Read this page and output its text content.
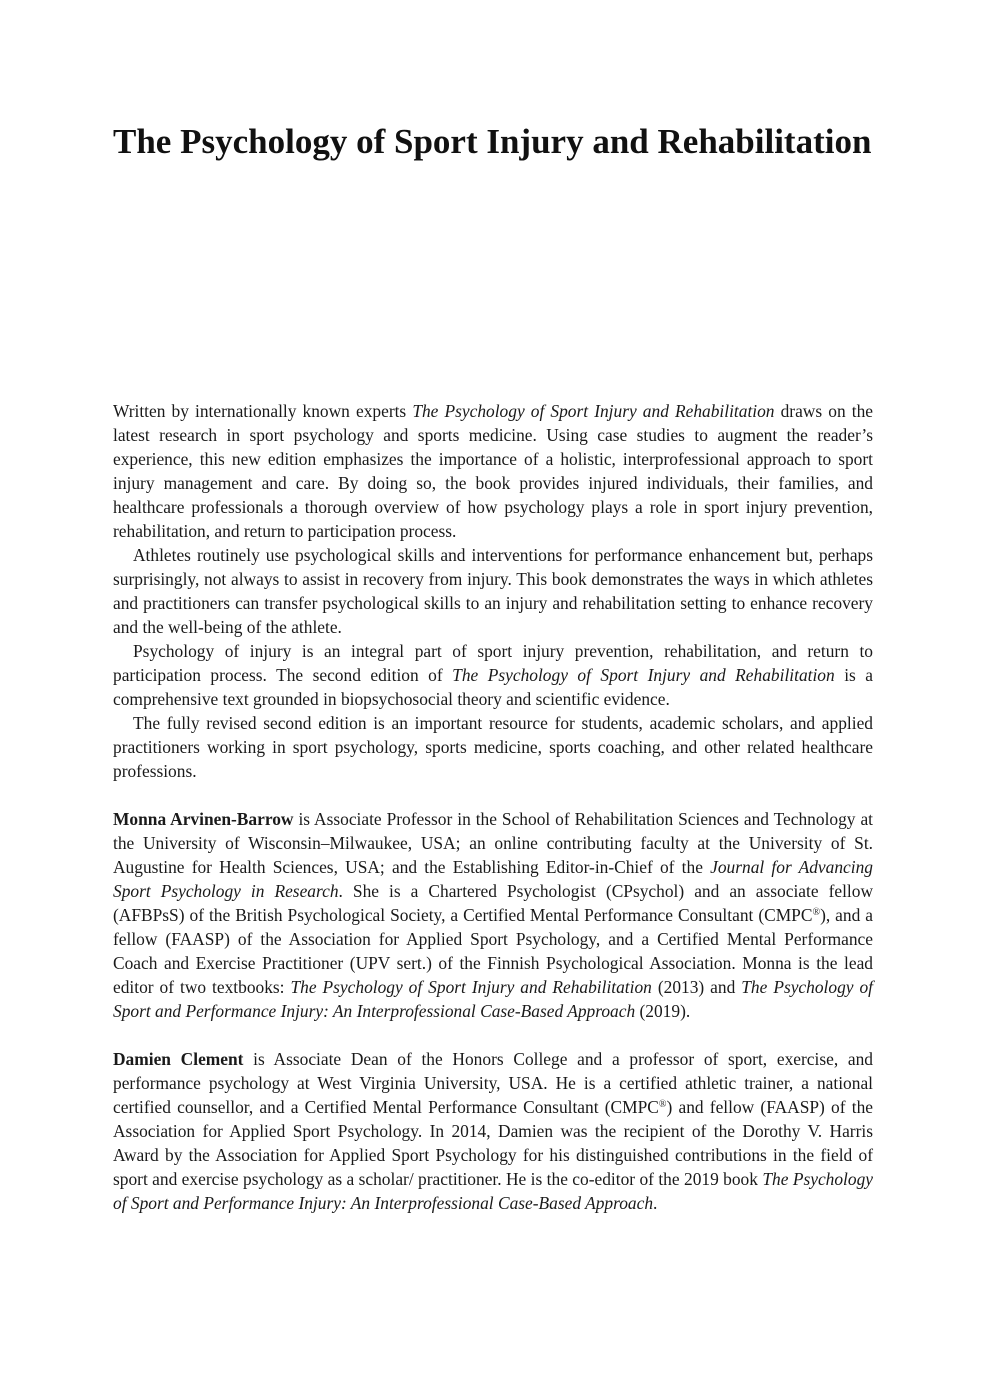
The Psychology of Sport Injury and Rehabilitation

Written by internationally known experts The Psychology of Sport Injury and Rehabilitation draws on the latest research in sport psychology and sports medicine. Using case studies to augment the reader’s experience, this new edition emphasizes the importance of a holistic, interprofessional approach to sport injury management and care. By doing so, the book provides injured individuals, their families, and healthcare professionals a thorough overview of how psychology plays a role in sport injury prevention, rehabilitation, and return to participation process.

Athletes routinely use psychological skills and interventions for performance enhancement but, perhaps surprisingly, not always to assist in recovery from injury. This book demonstrates the ways in which athletes and practitioners can transfer psychological skills to an injury and rehabilitation setting to enhance recovery and the well-being of the athlete.

Psychology of injury is an integral part of sport injury prevention, rehabilitation, and return to participation process. The second edition of The Psychology of Sport Injury and Rehabilitation is a comprehensive text grounded in biopsychosocial theory and scientific evidence.

The fully revised second edition is an important resource for students, academic scholars, and applied practitioners working in sport psychology, sports medicine, sports coaching, and other related healthcare professions.

Monna Arvinen-Barrow is Associate Professor in the School of Rehabilitation Sciences and Technology at the University of Wisconsin–Milwaukee, USA; an online contributing faculty at the University of St. Augustine for Health Sciences, USA; and the Establishing Editor-in-Chief of the Journal for Advancing Sport Psychology in Research. She is a Chartered Psychologist (CPsychol) and an associate fellow (AFBPsS) of the British Psychological Society, a Certified Mental Performance Consultant (CMPC®), and a fellow (FAASP) of the Association for Applied Sport Psychology, and a Certified Mental Performance Coach and Exercise Practitioner (UPV sert.) of the Finnish Psychological Association. Monna is the lead editor of two textbooks: The Psychology of Sport Injury and Rehabilitation (2013) and The Psychology of Sport and Performance Injury: An Interprofessional Case-Based Approach (2019).

Damien Clement is Associate Dean of the Honors College and a professor of sport, exercise, and performance psychology at West Virginia University, USA. He is a certified athletic trainer, a national certified counsellor, and a Certified Mental Performance Consultant (CMPC®) and fellow (FAASP) of the Association for Applied Sport Psychology. In 2014, Damien was the recipient of the Dorothy V. Harris Award by the Association for Applied Sport Psychology for his distinguished contributions in the field of sport and exercise psychology as a scholar/ practitioner. He is the co-editor of the 2019 book The Psychology of Sport and Performance Injury: An Interprofessional Case-Based Approach.
